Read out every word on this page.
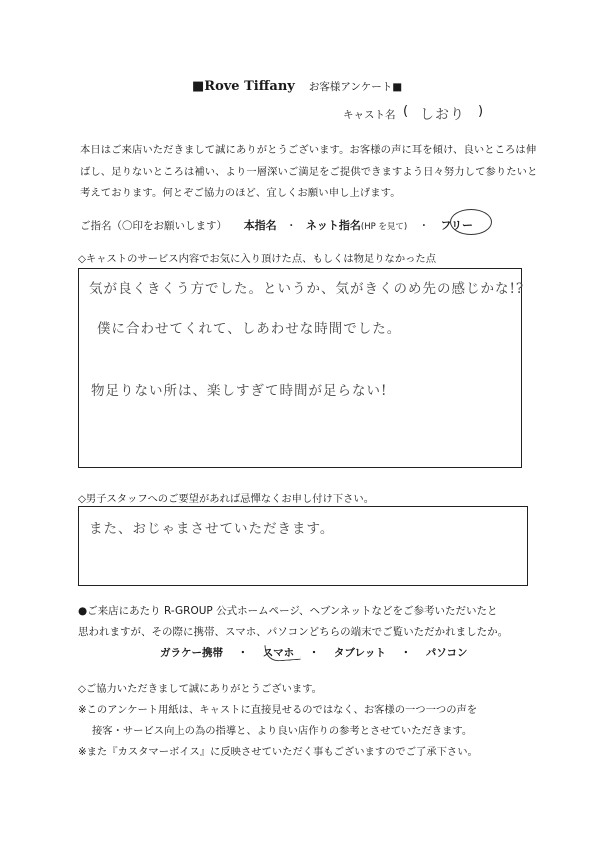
■Rove Tiffany お客様アンケート■
キャスト名 ( しおり )
本日はご来店いただきまして誠にありがとうございます。お客様の声に耳を傾け、良いところは伸ばし、足りないところは補い、より一層深いご満足をご提供できますよう日々努力して参りたいと考えております。何とぞご協力のほど、宜しくお願い申し上げます。
ご指名（〇印をお願いします） 本指名 ・ ネット指名(HP を見て) ・ フリー
◇キャストのサービス内容でお気に入り頂けた点、もしくは物足りなかった点
気が良くきくう方でした。というか、気がきくのめ先の感じかな!?
僕に合わせてくれて、しあわせな時間でした。
物足りない所は、楽しすぎて時間が足らない!
◇男子スタッフへのご要望があれば忌憚なくお申し付け下さい。
また、おじゃまさせていただきます。
●ご来店にあたり R-GROUP 公式ホームページ、ヘブンネットなどをご参考いただいたと
思われますが、その際に携帯、スマホ、パソコンどちらの端末でご覧いただかれましたか。
ガラケー携帯 ・ スマホ ・ タブレット ・ パソコン
◇ご協力いただきまして誠にありがとうございます。
※このアンケート用紙は、キャストに直接見せるのではなく、お客様の一つ一つの声を
接客・サービス向上の為の指導と、より良い店作りの参考とさせていただきます。
※また『カスタマーボイス』に反映させていただく事もございますのでご了承下さい。
